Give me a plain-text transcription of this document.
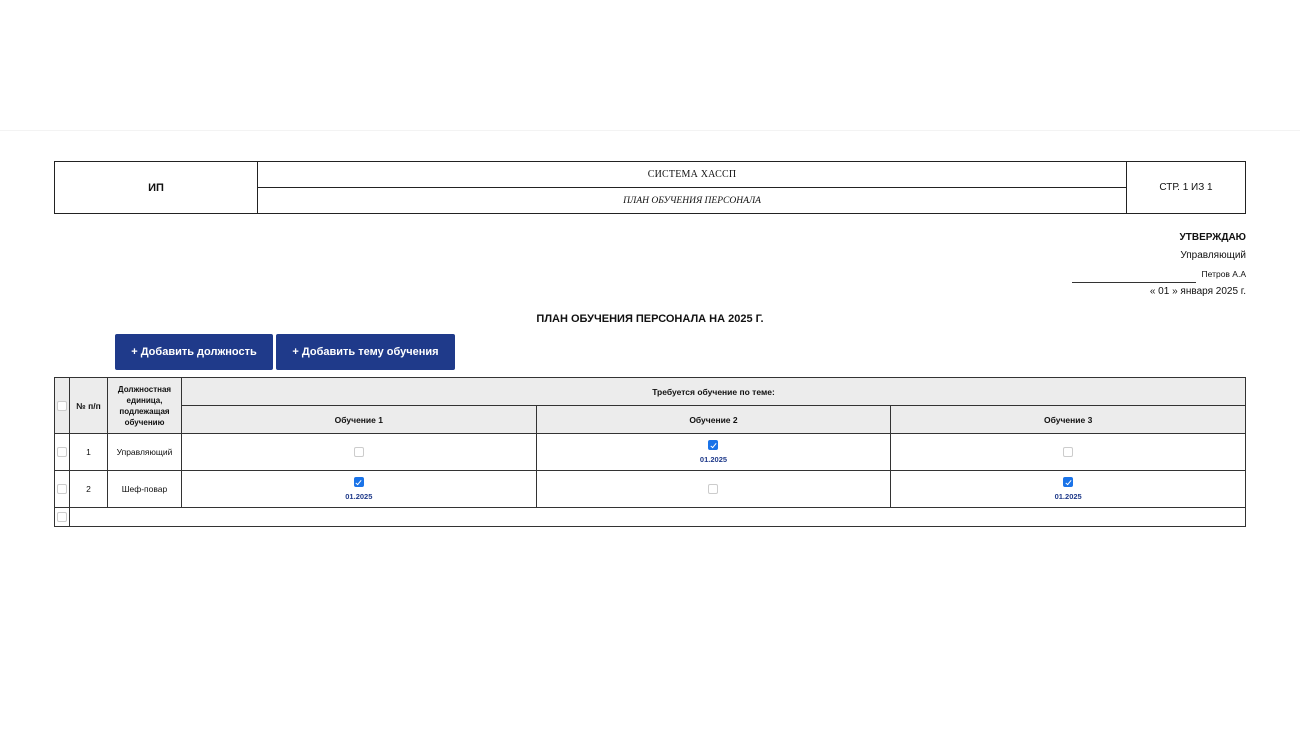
ИП	СИСТЕМА ХАССП	СТР. 1 ИЗ 1
ПЛАН ОБУЧЕНИЯ ПЕРСОНАЛА
УТВЕРЖДАЮ
Управляющий
Петров А.А
« 01 » января 2025 г.
ПЛАН ОБУЧЕНИЯ ПЕРСОНАЛА НА 2025 Г.
+ Добавить должность	+ Добавить тему обучения
	№ п/п	Должностная единица, подлежащая обучению	Требуется обучение по теме:		
			Обучение 1	Обучение 2	Обучение 3
	1	Управляющий		01.2025	

	2	Шеф-повар	01.2025		01.2025
